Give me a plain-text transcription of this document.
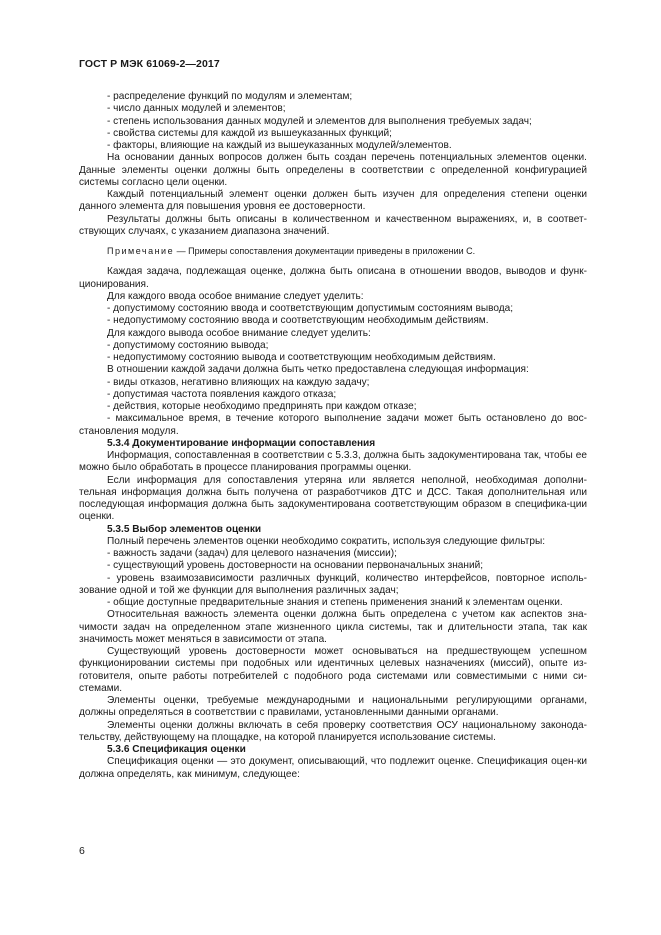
ГОСТ Р МЭК 61069-2—2017

- распределение функций по модулям и элементам;

- число данных модулей и элементов;

- степень использования данных модулей и элементов для выполнения требуемых задач;

- свойства системы для каждой из вышеуказанных функций;

- факторы, влияющие на каждый из вышеуказанных модулей/элементов.

На основании данных вопросов должен быть создан перечень потенциальных элементов оценки. Данные элементы оценки должны быть определены в соответствии с определенной конфигурацией системы согласно цели оценки.

Каждый потенциальный элемент оценки должен быть изучен для определения степени оценки данного элемента для повышения уровня ее достоверности.

Результаты должны быть описаны в количественном и качественном выражениях, и, в соответ-ствующих случаях, с указанием диапазона значений.

Примечание — Примеры сопоставления документации приведены в приложении С.

Каждая задача, подлежащая оценке, должна быть описана в отношении вводов, выводов и функ-ционирования.

Для каждого ввода особое внимание следует уделить:

- допустимому состоянию ввода и соответствующим допустимым состояниям вывода;

- недопустимому состоянию ввода и соответствующим необходимым действиям.

Для каждого вывода особое внимание следует уделить:

- допустимому состоянию вывода;

- недопустимому состоянию вывода и соответствующим необходимым действиям.

В отношении каждой задачи должна быть четко предоставлена следующая информация:

- виды отказов, негативно влияющих на каждую задачу;

- допустимая частота появления каждого отказа;

- действия, которые необходимо предпринять при каждом отказе;

- максимальное время, в течение которого выполнение задачи может быть остановлено до вос-становления модуля.

5.3.4 Документирование информации сопоставления

Информация, сопоставленная в соответствии с 5.3.3, должна быть задокументирована так, чтобы ее можно было обработать в процессе планирования программы оценки.

Если информация для сопоставления утеряна или является неполной, необходимая дополни-тельная информация должна быть получена от разработчиков ДТС и ДСС. Такая дополнительная или последующая информация должна быть задокументирована соответствующим образом в специфика-ции оценки.

5.3.5 Выбор элементов оценки

Полный перечень элементов оценки необходимо сократить, используя следующие фильтры:

- важность задачи (задач) для целевого назначения (миссии);

- существующий уровень достоверности на основании первоначальных знаний;

- уровень взаимозависимости различных функций, количество интерфейсов, повторное исполь-зование одной и той же функции для выполнения различных задач;

- общие доступные предварительные знания и степень применения знаний к элементам оценки.

Относительная важность элемента оценки должна быть определена с учетом как аспектов зна-чимости задач на определенном этапе жизненного цикла системы, так и длительности этапа, так как значимость может меняться в зависимости от этапа.

Существующий уровень достоверности может основываться на предшествующем успешном функционировании системы при подобных или идентичных целевых назначениях (миссий), опыте из-готовителя, опыте работы потребителей с подобного рода системами или совместимыми с ними си-стемами.

Элементы оценки, требуемые международными и национальными регулирующими органами, должны определяться в соответствии с правилами, установленными данными органами.

Элементы оценки должны включать в себя проверку соответствия ОСУ национальному законода-тельству, действующему на площадке, на которой планируется использование системы.

5.3.6 Спецификация оценки

Спецификация оценки — это документ, описывающий, что подлежит оценке. Спецификация оцен-ки должна определять, как минимум, следующее:

6
